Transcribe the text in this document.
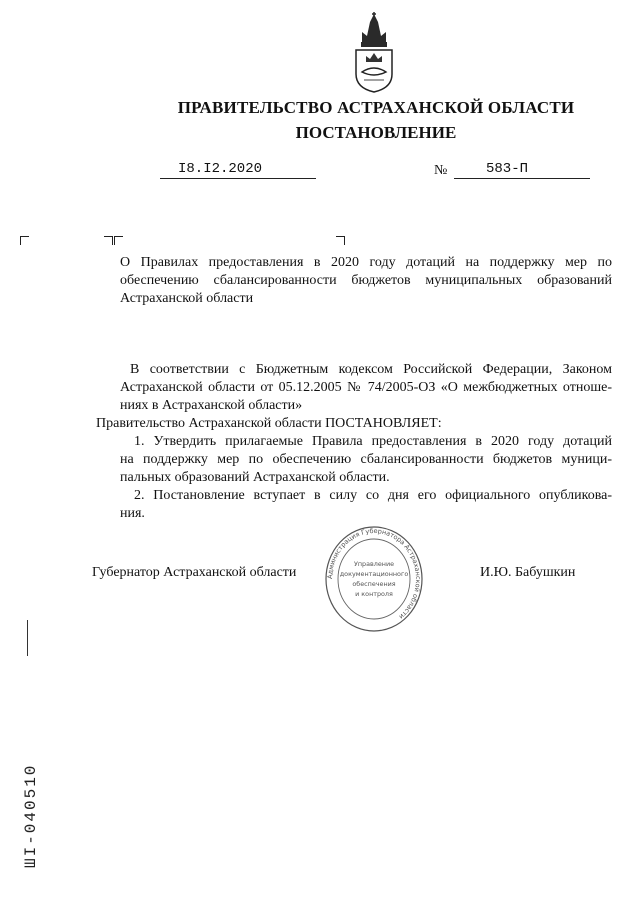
ПРАВИТЕЛЬСТВО АСТРАХАНСКОЙ ОБЛАСТИ
ПОСТАНОВЛЕНИЕ
I8.I2.2020	№	583-П
О Правилах предоставления в 2020 году дотаций на поддержку мер по
обеспечению сбалансированности бюджетов муниципальных образований
Астраханской области
В соответствии с Бюджетным кодексом Российской Федерации, Законом
Астраханской области от 05.12.2005 № 74/2005-ОЗ «О межбюджетных отноше-
ниях в Астраханской области»
Правительство Астраханской области ПОСТАНОВЛЯЕТ:
1. Утвердить прилагаемые Правила предоставления в 2020 году дотаций
на поддержку мер по обеспечению сбалансированности бюджетов муници-
пальных образований Астраханской области.
2. Постановление вступает в силу со дня его официального опубликова-
ния.
Администрация Губернатора Астраханской области
Управление
документационного
обеспечения
и контроля
Губернатор Астраханской области	И.Ю. Бабушкин
ШI-040510
